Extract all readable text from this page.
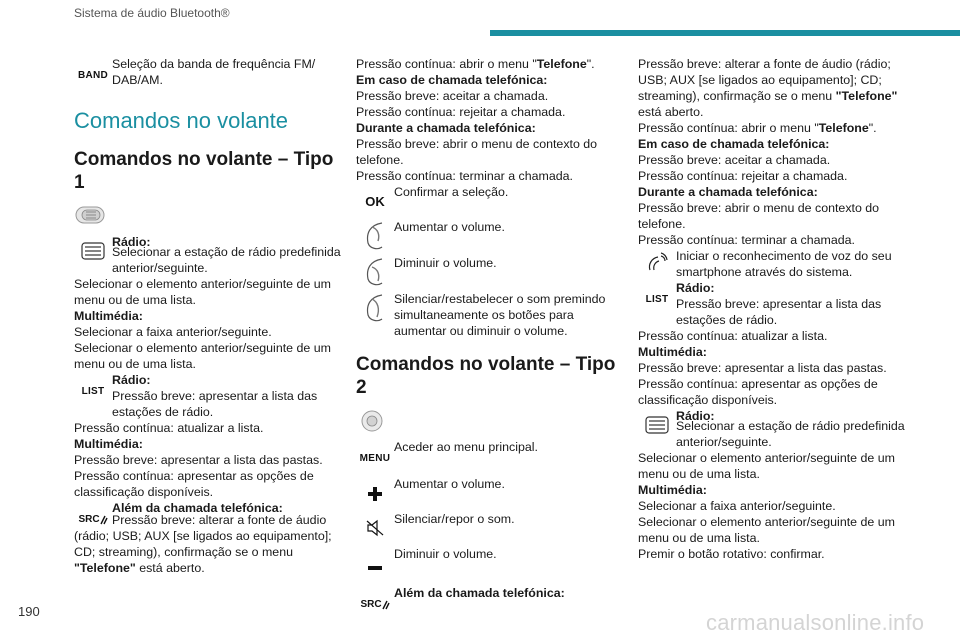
Sistema de áudio Bluetooth®
BAND
Seleção da banda de frequência FM/ DAB/AM.
Comandos no volante
Comandos no volante – Tipo 1
Rádio:
Selecionar a estação de rádio predefinida anterior/seguinte.
Selecionar o elemento anterior/seguinte de um menu ou de uma lista.
Multimédia:
Selecionar a faixa anterior/seguinte.
Selecionar o elemento anterior/seguinte de um menu ou de uma lista.
LIST
Rádio:
Pressão breve: apresentar a lista das estações de rádio.
Pressão contínua: atualizar a lista.
Multimédia:
Pressão breve: apresentar a lista das pastas.
Pressão contínua: apresentar as opções de classificação disponíveis.
SRC
Além da chamada telefónica:
Pressão breve: alterar a fonte de áudio (rádio; USB; AUX [se ligados ao equipamento]; CD; streaming), confirmação se o menu "Telefone" está aberto.
Pressão contínua: abrir o menu "Telefone".
Em caso de chamada telefónica:
Pressão breve: aceitar a chamada.
Pressão contínua: rejeitar a chamada.
Durante a chamada telefónica:
Pressão breve: abrir o menu de contexto do telefone.
Pressão contínua: terminar a chamada.
OK
Confirmar a seleção.
Aumentar o volume.
Diminuir o volume.
Silenciar/restabelecer o som premindo simultaneamente os botões para aumentar ou diminuir o volume.
Comandos no volante – Tipo 2
MENU
Aceder ao menu principal.
Aumentar o volume.
Silenciar/repor o som.
Diminuir o volume.
SRC
Além da chamada telefónica:
Pressão breve: alterar a fonte de áudio (rádio; USB; AUX [se ligados ao equipamento]; CD; streaming), confirmação se o menu "Telefone" está aberto.
Pressão contínua: abrir o menu "Telefone".
Em caso de chamada telefónica:
Pressão breve: aceitar a chamada.
Pressão contínua: rejeitar a chamada.
Durante a chamada telefónica:
Pressão breve: abrir o menu de contexto do telefone.
Pressão contínua: terminar a chamada.
Iniciar o reconhecimento de voz do seu smartphone através do sistema.
LIST
Rádio:
Pressão breve: apresentar a lista das estações de rádio.
Pressão contínua: atualizar a lista.
Multimédia:
Pressão breve: apresentar a lista das pastas.
Pressão contínua: apresentar as opções de classificação disponíveis.
Rádio:
Selecionar a estação de rádio predefinida anterior/seguinte.
Selecionar o elemento anterior/seguinte de um menu ou de uma lista.
Multimédia:
Selecionar a faixa anterior/seguinte.
Selecionar o elemento anterior/seguinte de um menu ou de uma lista.
Premir o botão rotativo: confirmar.
190	carmanualsonline.info
